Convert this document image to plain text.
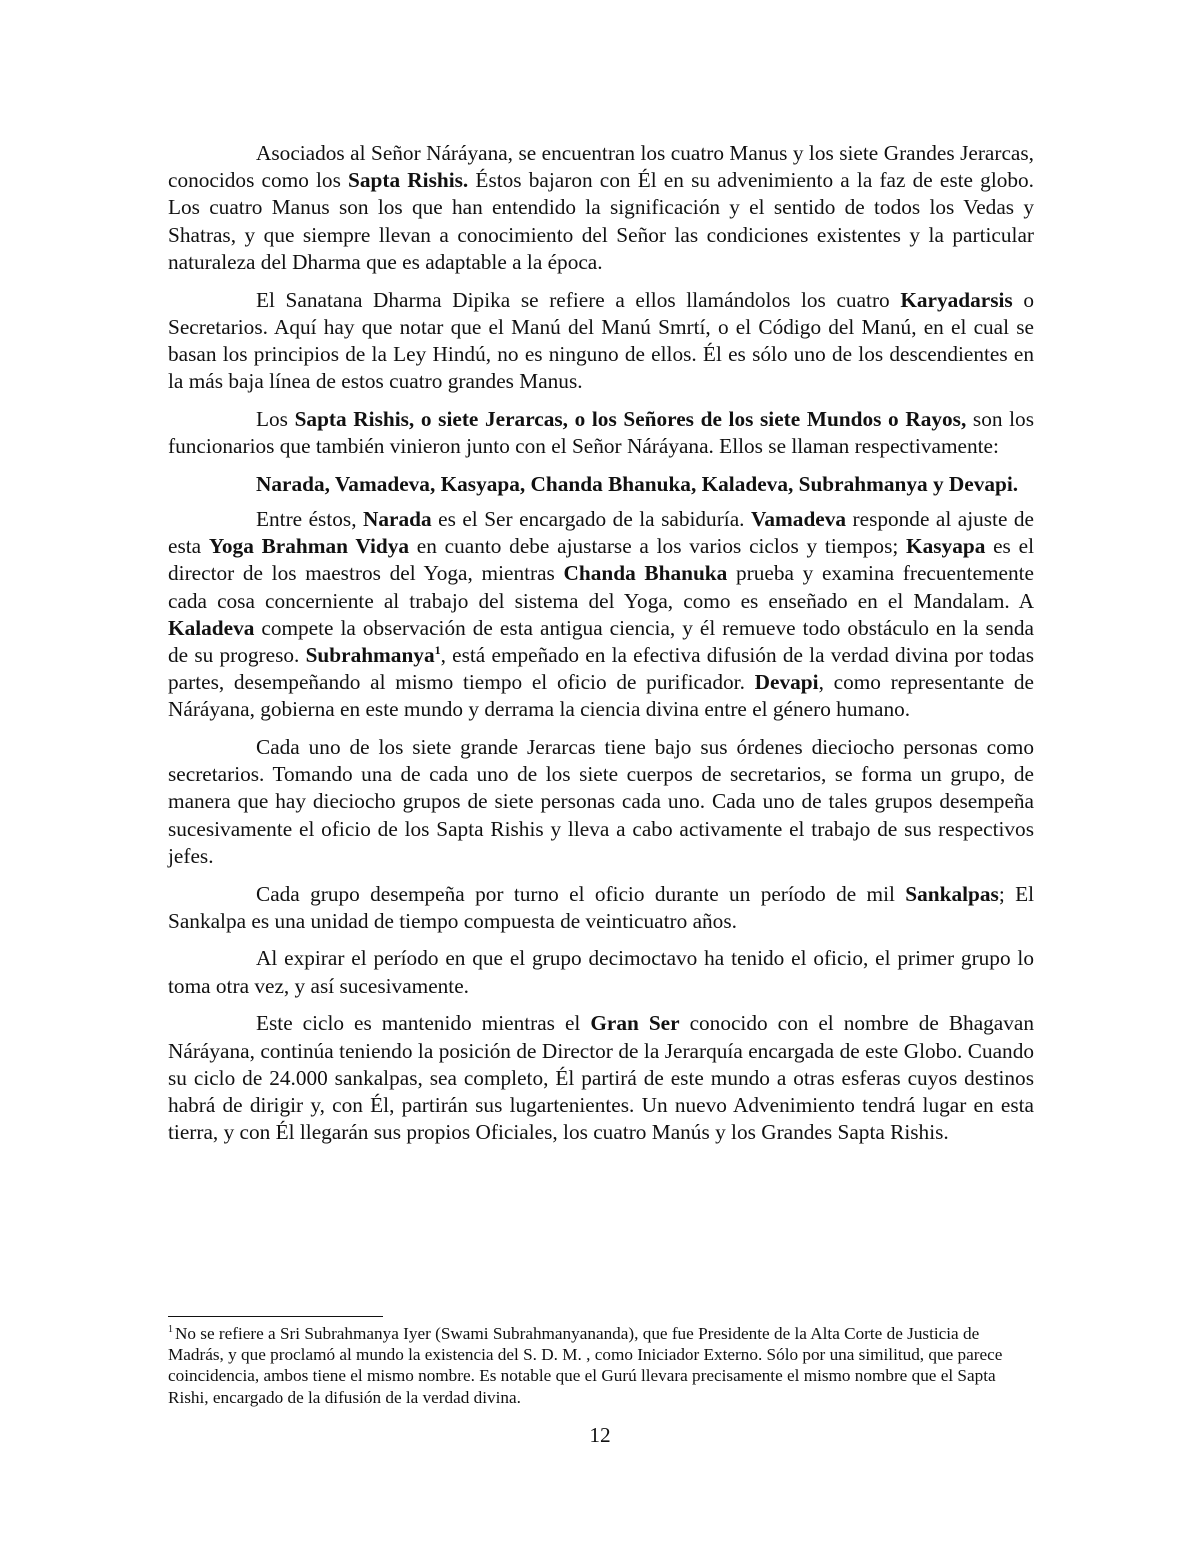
Asociados al Señor Náráyana, se encuentran los cuatro Manus y los siete Grandes Jerarcas, conocidos como los Sapta Rishis. Éstos bajaron con Él en su advenimiento a la faz de este globo. Los cuatro Manus son los que han entendido la significación y el sentido de todos los Vedas y Shatras, y que siempre llevan a conocimiento del Señor las condiciones existentes y la particular naturaleza del Dharma que es adaptable a la época.

El Sanatana Dharma Dipika se refiere a ellos llamándolos los cuatro Karyadarsis o Secretarios. Aquí hay que notar que el Manú del Manú Smrtí, o el Código del Manú, en el cual se basan los principios de la Ley Hindú, no es ninguno de ellos. Él es sólo uno de los descendientes en la más baja línea de estos cuatro grandes Manus.

Los Sapta Rishis, o siete Jerarcas, o los Señores de los siete Mundos o Rayos, son los funcionarios que también vinieron junto con el Señor Náráyana. Ellos se llaman respectivamente:

Narada, Vamadeva, Kasyapa, Chanda Bhanuka, Kaladeva, Subrahmanya y Devapi.

Entre éstos, Narada es el Ser encargado de la sabiduría. Vamadeva responde al ajuste de esta Yoga Brahman Vidya en cuanto debe ajustarse a los varios ciclos y tiempos; Kasyapa es el director de los maestros del Yoga, mientras Chanda Bhanuka prueba y examina frecuentemente cada cosa concerniente al trabajo del sistema del Yoga, como es enseñado en el Mandalam. A Kaladeva compete la observación de esta antigua ciencia, y él remueve todo obstáculo en la senda de su progreso. Subrahmanya$^1$, está empeñado en la efectiva difusión de la verdad divina por todas partes, desempeñando al mismo tiempo el oficio de purificador. Devapi, como representante de Náráyana, gobierna en este mundo y derrama la ciencia divina entre el género humano.

Cada uno de los siete grande Jerarcas tiene bajo sus órdenes dieciocho personas como secretarios. Tomando una de cada uno de los siete cuerpos de secretarios, se forma un grupo, de manera que hay dieciocho grupos de siete personas cada uno. Cada uno de tales grupos desempeña sucesivamente el oficio de los Sapta Rishis y lleva a cabo activamente el trabajo de sus respectivos jefes.

Cada grupo desempeña por turno el oficio durante un período de mil Sankalpas; El Sankalpa es una unidad de tiempo compuesta de veinticuatro años.

Al expirar el período en que el grupo decimoctavo ha tenido el oficio, el primer grupo lo toma otra vez, y así sucesivamente.

Este ciclo es mantenido mientras el Gran Ser conocido con el nombre de Bhagavan Náráyana, continúa teniendo la posición de Director de la Jerarquía encargada de este Globo. Cuando su ciclo de 24.000 sankalpas, sea completo, Él partirá de este mundo a otras esferas cuyos destinos habrá de dirigir y, con Él, partirán sus lugartenientes. Un nuevo Advenimiento tendrá lugar en esta tierra, y con Él llegarán sus propios Oficiales, los cuatro Manús y los Grandes Sapta Rishis.

$^1$ No se refiere a Sri Subrahmanya Iyer (Swami Subrahmanyananda), que fue Presidente de la Alta Corte de Justicia de Madrás, y que proclamó al mundo la existencia del S. D. M. , como Iniciador Externo. Sólo por una similitud, que parece coincidencia, ambos tiene el mismo nombre. Es notable que el Gurú llevara precisamente el mismo nombre que el Sapta Rishi, encargado de la difusión de la verdad divina.

12
